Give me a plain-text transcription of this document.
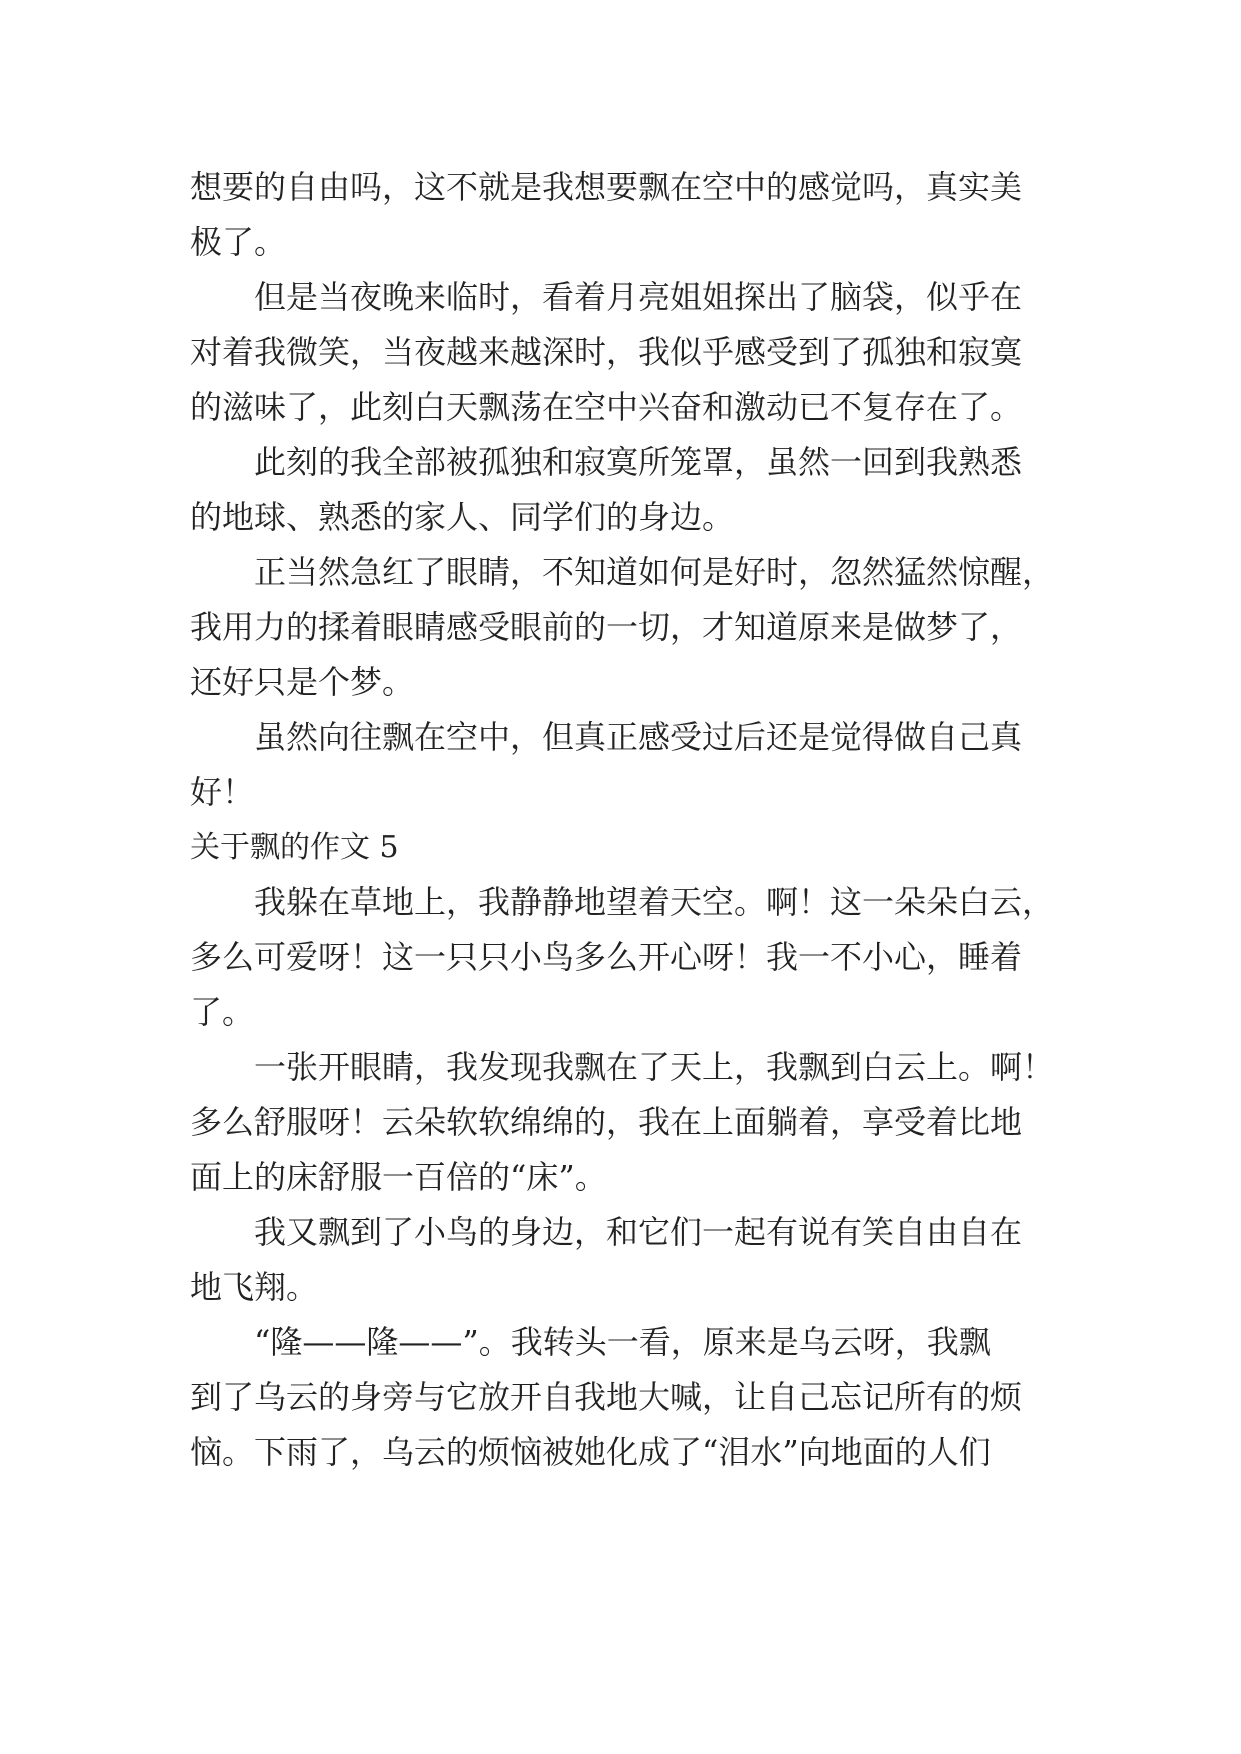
想要的自由吗，这不就是我想要飘在空中的感觉吗，真实美
极了。
但是当夜晚来临时，看着月亮姐姐探出了脑袋，似乎在
对着我微笑，当夜越来越深时，我似乎感受到了孤独和寂寞
的滋味了，此刻白天飘荡在空中兴奋和激动已不复存在了。
此刻的我全部被孤独和寂寞所笼罩，虽然一回到我熟悉
的地球、熟悉的家人、同学们的身边。
正当然急红了眼睛，不知道如何是好时，忽然猛然惊醒，
我用力的揉着眼睛感受眼前的一切，才知道原来是做梦了，
还好只是个梦。
虽然向往飘在空中，但真正感受过后还是觉得做自己真
好！
关于飘的作文 5
我躲在草地上，我静静地望着天空。啊！这一朵朵白云，
多么可爱呀！这一只只小鸟多么开心呀！我一不小心，睡着
了。
一张开眼睛，我发现我飘在了天上，我飘到白云上。啊！
多么舒服呀！云朵软软绵绵的，我在上面躺着，享受着比地
面上的床舒服一百倍的“床”。
我又飘到了小鸟的身边，和它们一起有说有笑自由自在
地飞翔。
“隆——隆——”。我转头一看，原来是乌云呀，我飘
到了乌云的身旁与它放开自我地大喊，让自己忘记所有的烦
恼。下雨了，乌云的烦恼被她化成了“泪水”向地面的人们
